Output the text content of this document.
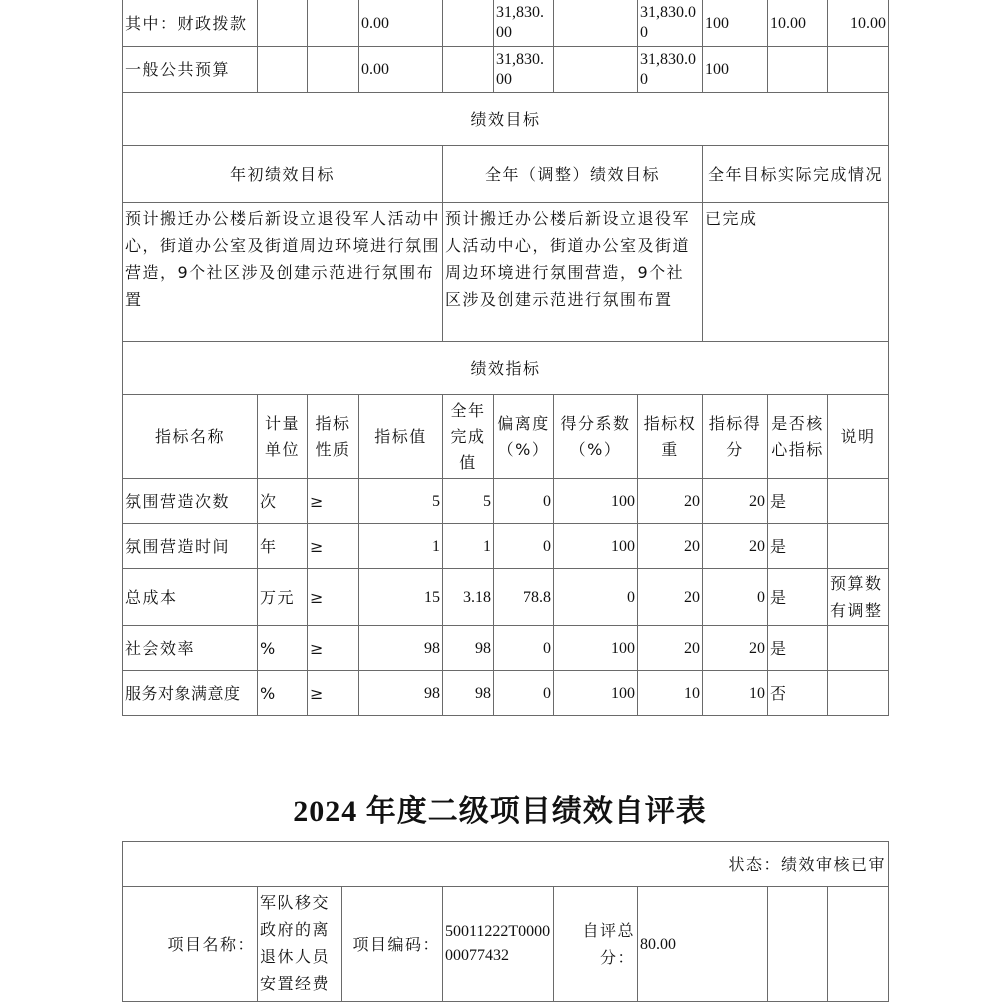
其中：财政拨款			0.00		31,830.00		31,830.00	100	10.00	10.00
一般公共预算			0.00		31,830.00		31,830.00	100		
绩效目标										
年初绩效目标				全年（调整）绩效目标				全年目标实际完成情况		
预计搬迁办公楼后新设立退役军人活动中心，街道办公室及街道周边环境进行氛围营造，9个社区涉及创建示范进行氛围布置				预计搬迁办公楼后新设立退役军人活动中心，街道办公室及街道周边环境进行氛围营造，9个社区涉及创建示范进行氛围布置				已完成		
绩效指标										
指标名称	计量单位	指标性质	指标值	全年完成值	偏离度（%）	得分系数（%）	指标权重	指标得分	是否核心指标	说明
氛围营造次数	次	≥	5	5	0	100	20	20	是	
氛围营造时间	年	≥	1	1	0	100	20	20	是	
总成本	万元	≥	15	3.18	78.8	0	20	0	是	预算数有调整
社会效率	%	≥	98	98	0	100	20	20	是	
服务对象满意度	%	≥	98	98	0	100	10	10	否	
2024 年度二级项目绩效自评表
状态：绩效审核已审
项目名称：	军队移交政府的离退休人员安置经费	项目编码：	50011222T000000077432	自评总分：	80.00		
